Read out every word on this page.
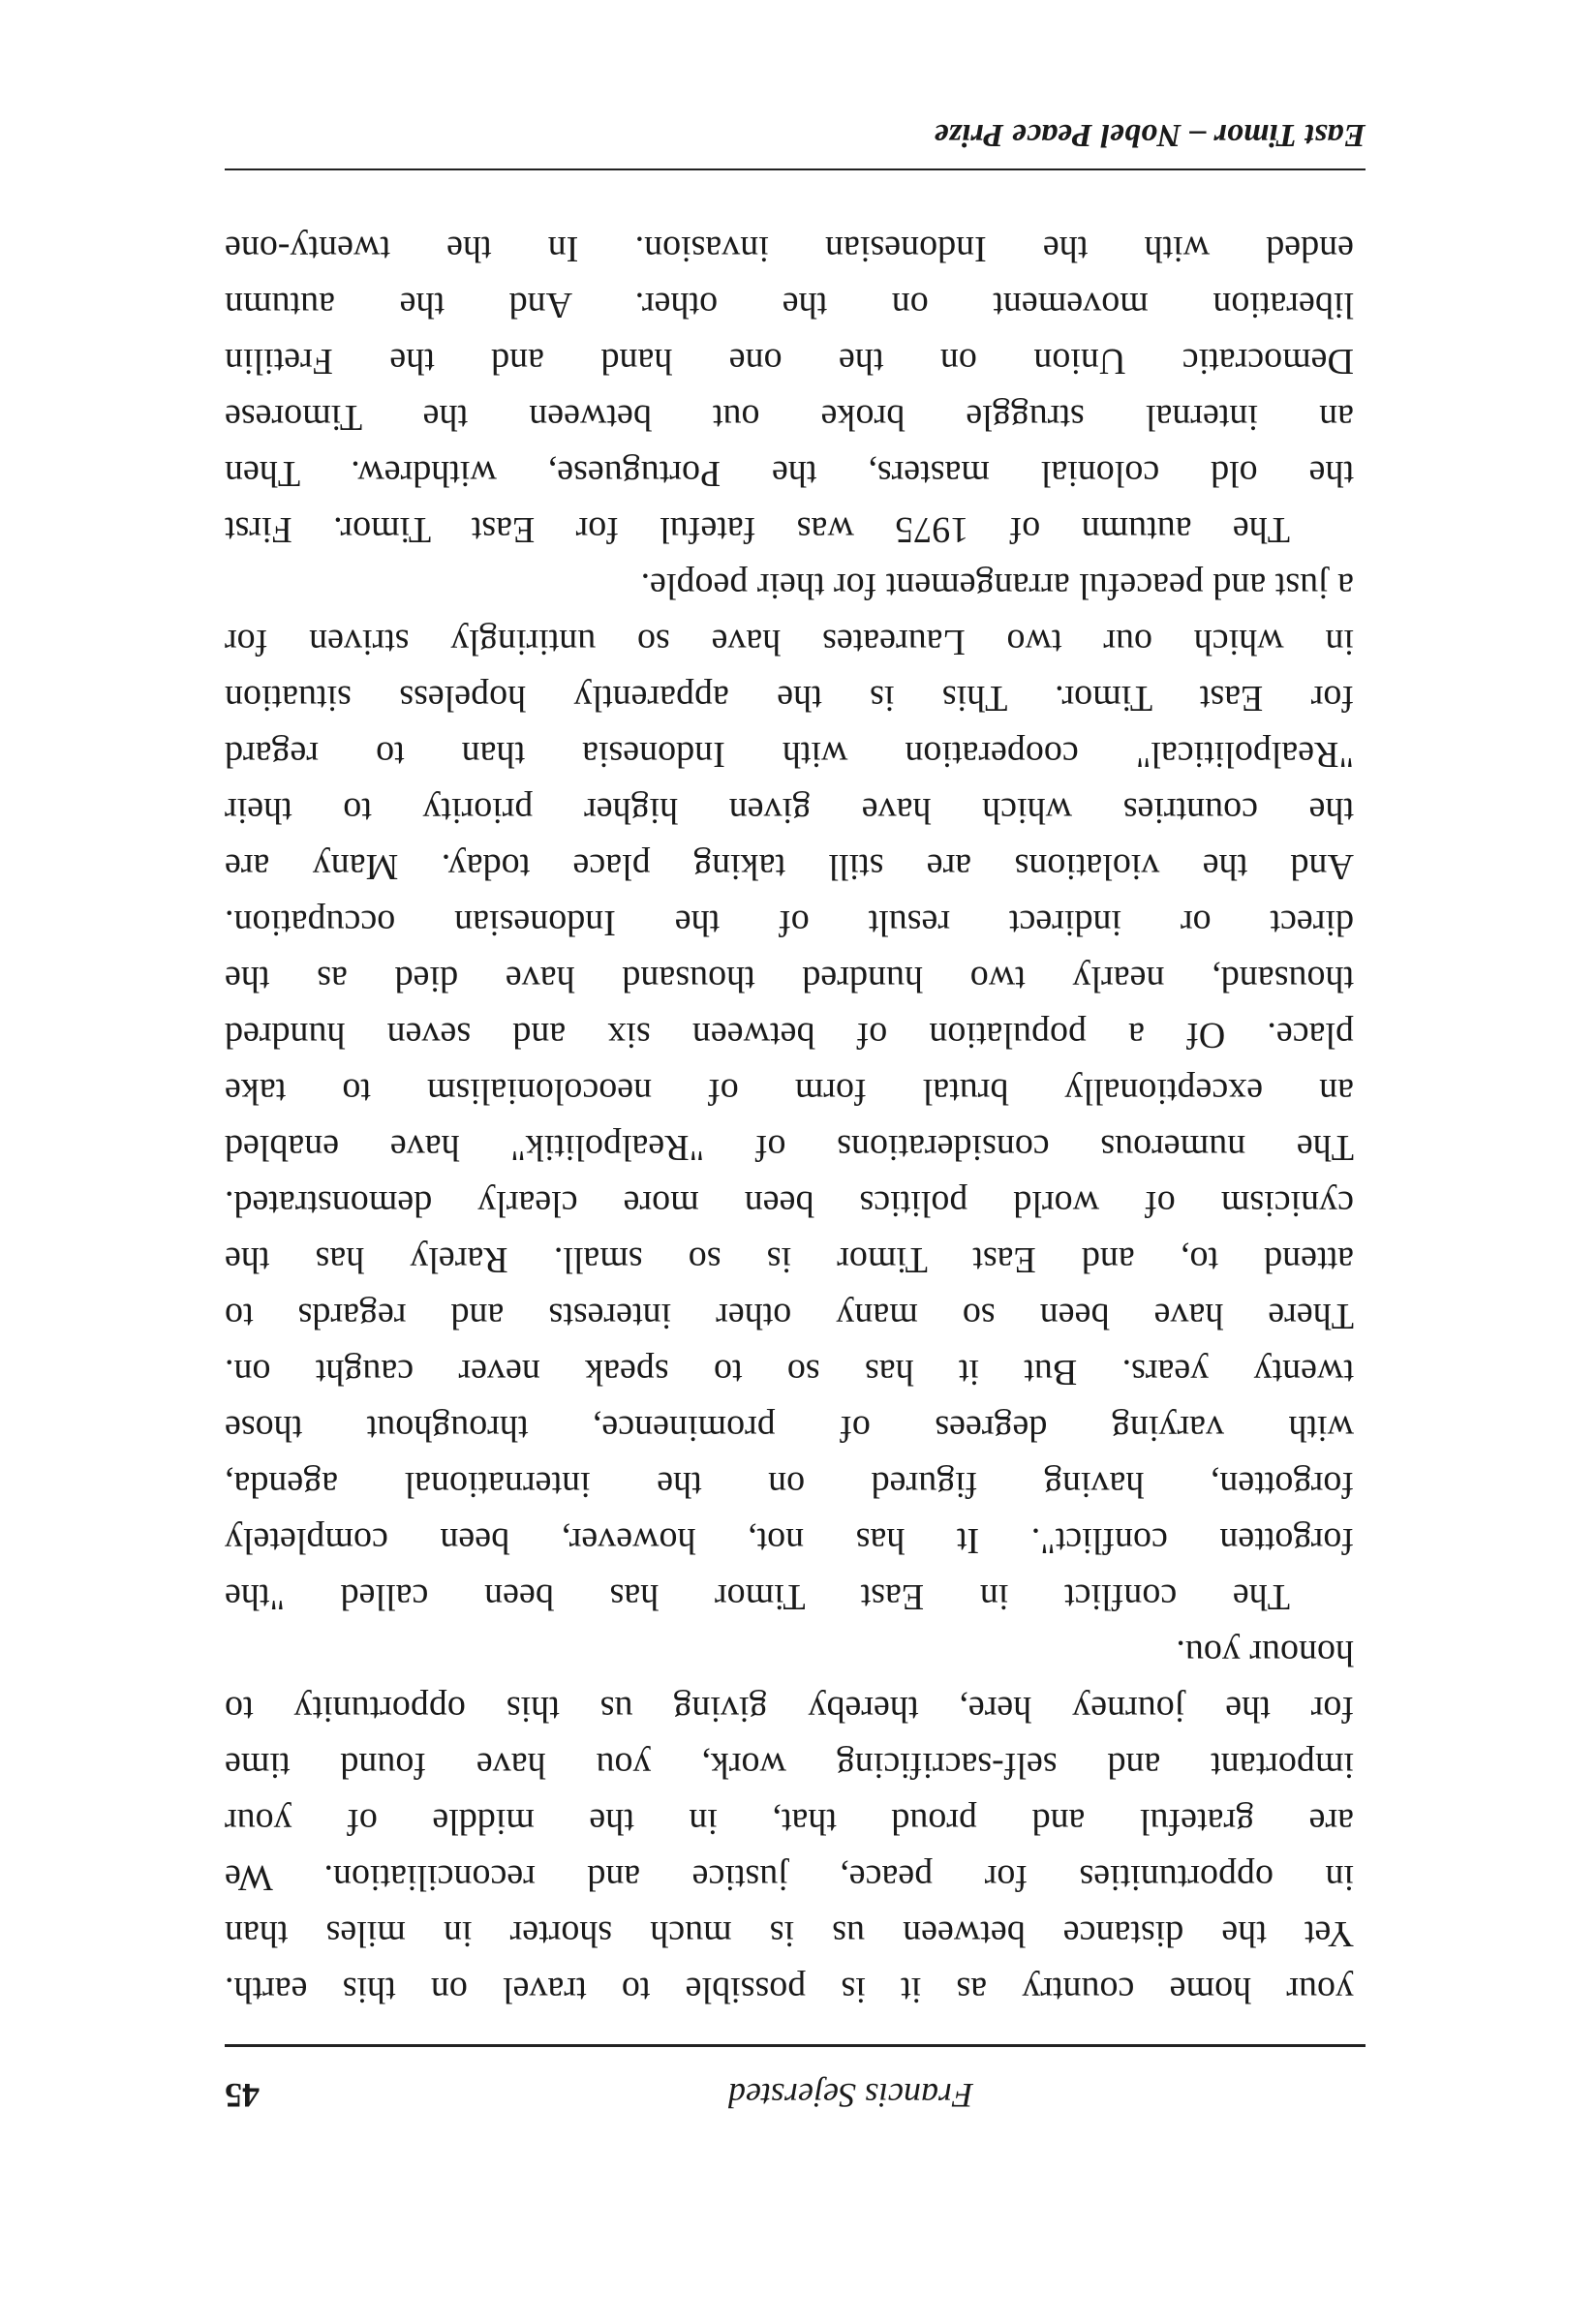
Francis Sejersted
45
your home country as it is possible to travel on this earth.
Yet the distance between us is much shorter in miles than
in opportunities for peace, justice and reconciliation. We
are grateful and proud that, in the middle of your
important and self-sacrificing work, you have found time
for the journey here, thereby giving us this opportunity to
honour you.
The conflict in East Timor has been called "the
forgotten conflict". It has not, however, been completely
forgotten, having figured on the international agenda,
with varying degrees of prominence, throughout those
twenty years. But it has so to speak never caught on.
There have been so many other interests and regards to
attend to, and East Timor is so small. Rarely has the
cynicism of world politics been more clearly demonstrated.
The numerous considerations of "Realpolitik" have enabled
an exceptionally brutal form of neocolonialism to take
place. Of a population of between six and seven hundred
thousand, nearly two hundred thousand have died as the
direct or indirect result of the Indonesian occupation.
And the violations are still taking place today. Many are
the countries which have given higher priority to their
"Realpolitical" cooperation with Indonesia than to regard
for East Timor. This is the apparently hopeless situation
in which our two Laureates have so untiringly striven for
a just and peaceful arrangement for their people.
The autumn of 1975 was fateful for East Timor. First
the old colonial masters, the Portuguese, withdrew. Then
an internal struggle broke out between the Timorese
Democratic Union on the one hand and the Fretilin
liberation movement on the other. And the autumn
ended with the Indonesian invasion. In the twenty-one
East Timor – Nobel Peace Prize
